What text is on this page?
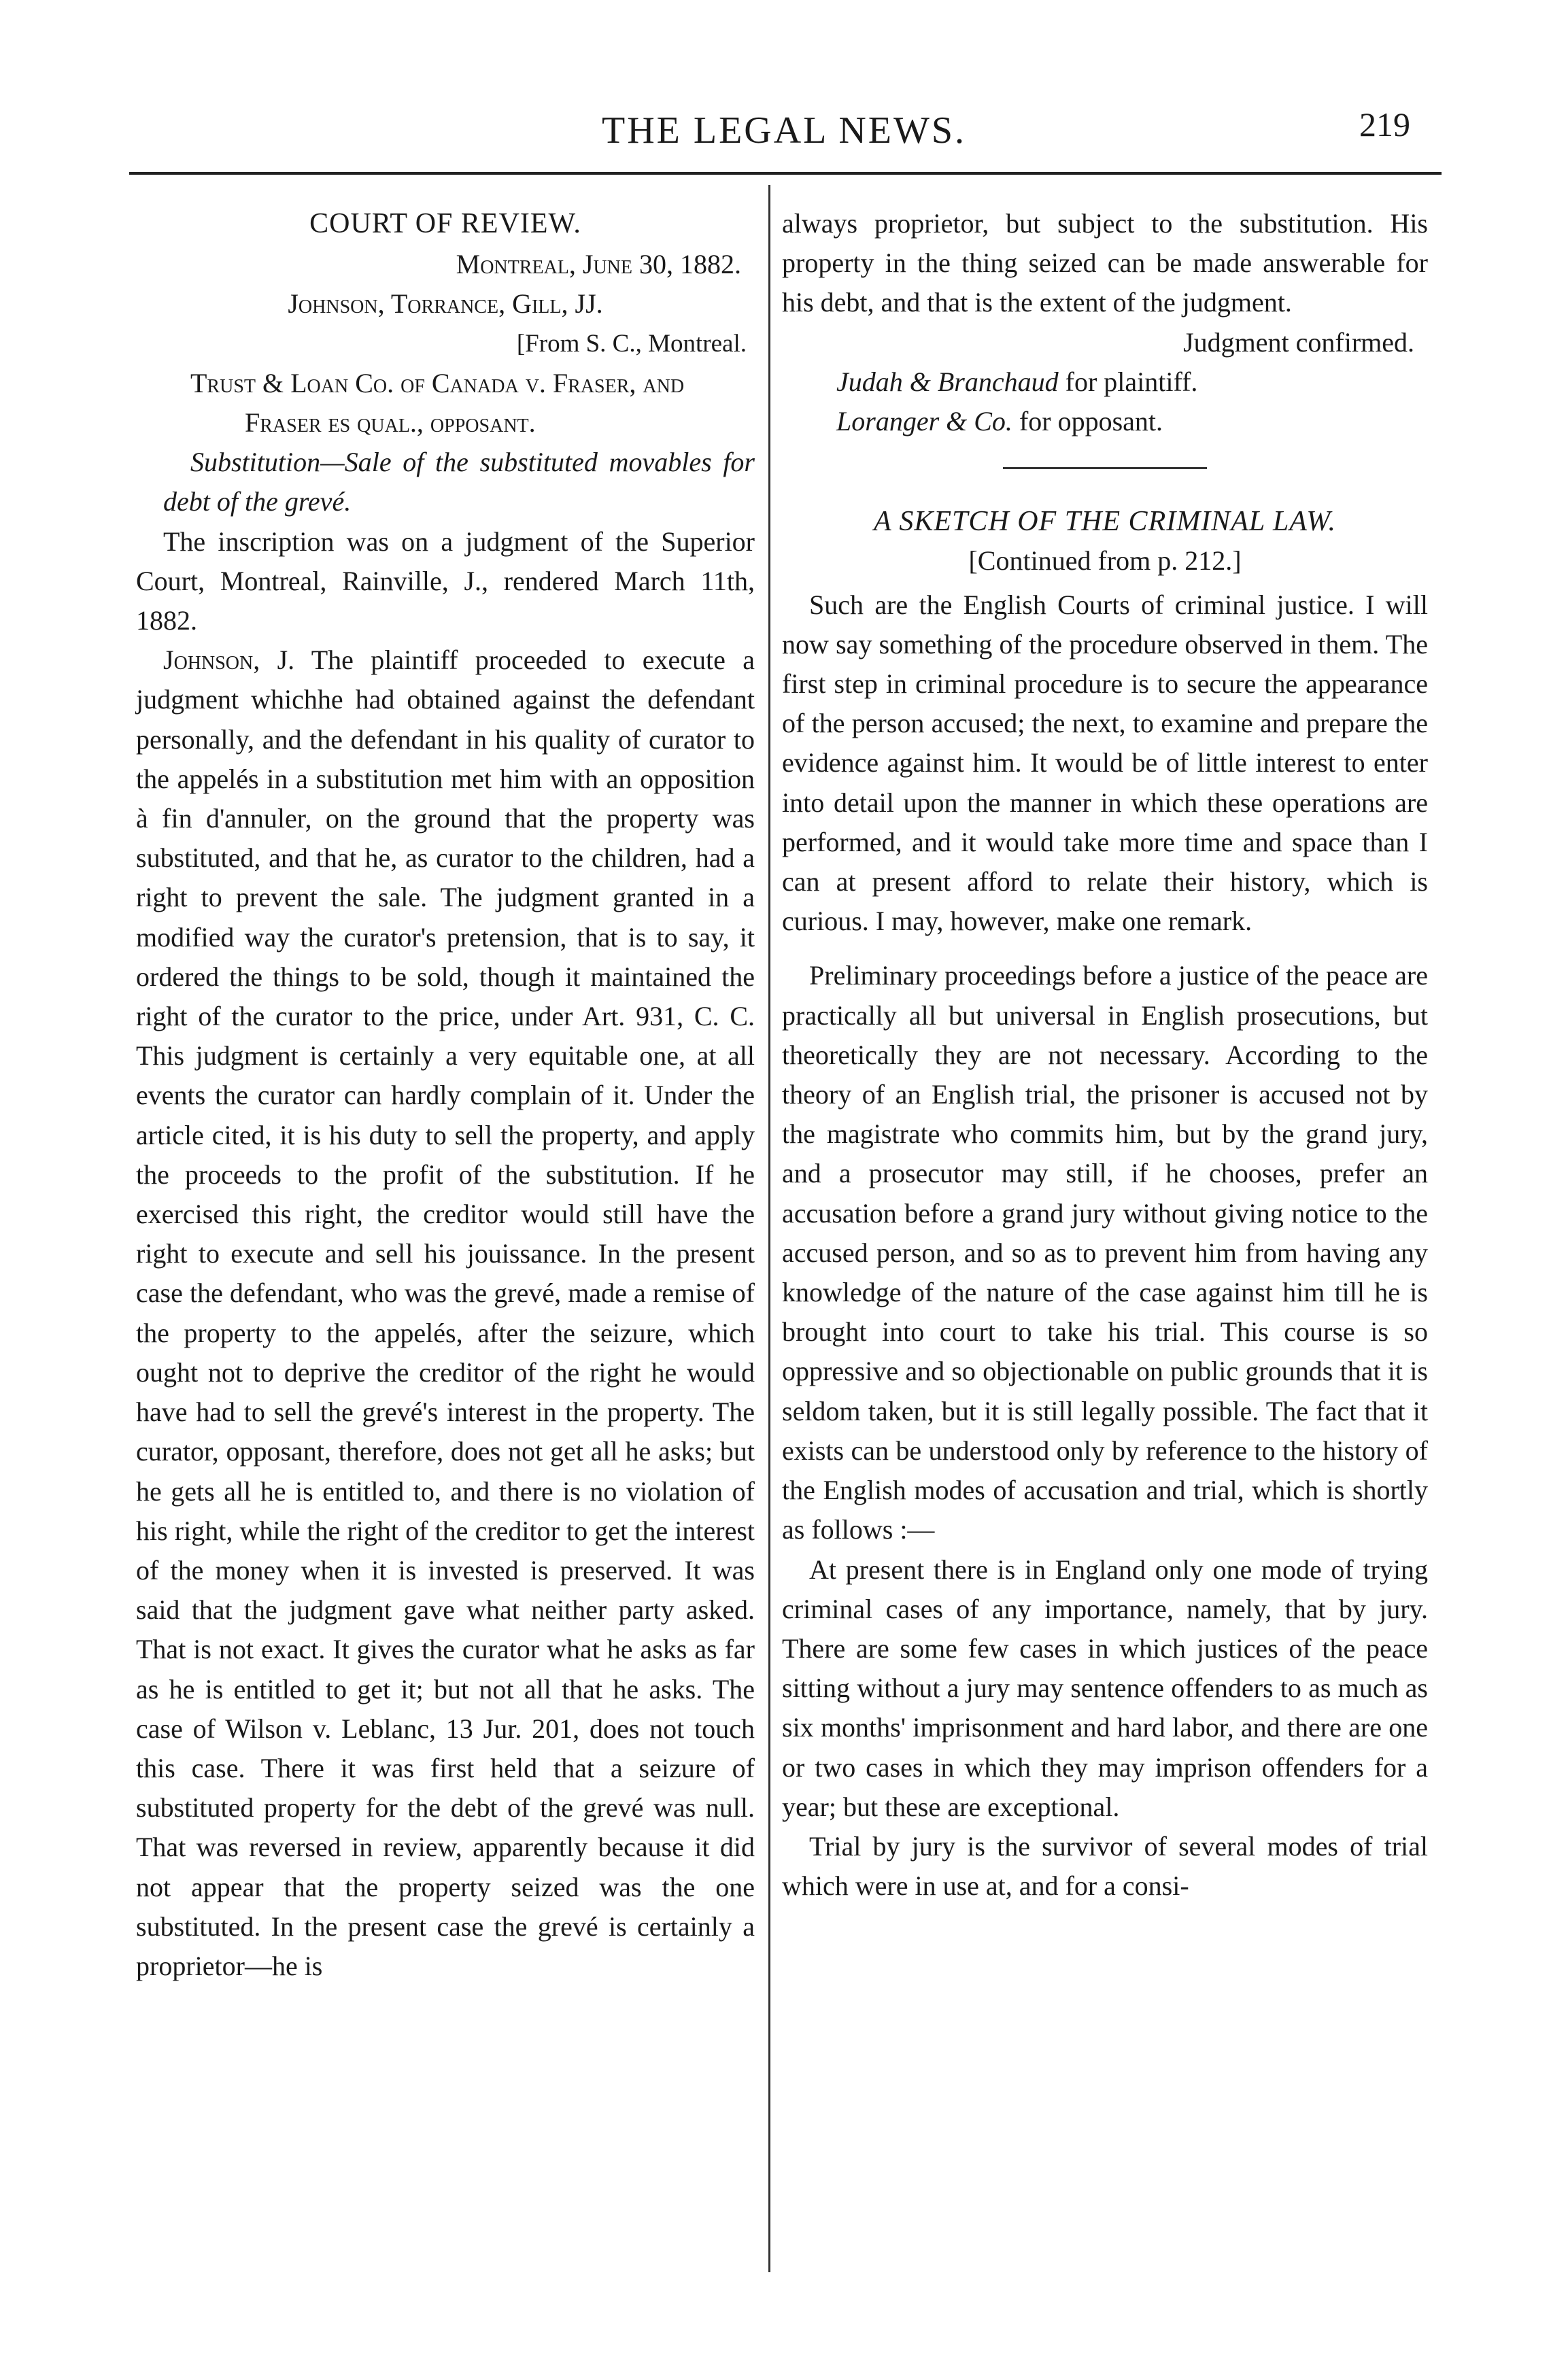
THE LEGAL NEWS.	219
COURT OF REVIEW.
Montreal, June 30, 1882.
Johnson, Torrance, Gill, JJ.
[From S. C., Montreal.

Trust & Loan Co. of Canada v. Fraser, and

Fraser es qual., opposant.

Substitution—Sale of the substituted movables for debt of the grevé.

The inscription was on a judgment of the Superior Court, Montreal, Rainville, J., rendered March 11th, 1882.

Johnson, J. The plaintiff proceeded to execute a judgment whichhe had obtained against the defendant personally, and the defendant in his quality of curator to the appelés in a substitution met him with an opposition à fin d'annuler, on the ground that the property was substituted, and that he, as curator to the children, had a right to prevent the sale. The judgment granted in a modified way the curator's pretension, that is to say, it ordered the things to be sold, though it maintained the right of the curator to the price, under Art. 931, C. C. This judgment is certainly a very equitable one, at all events the curator can hardly complain of it. Under the article cited, it is his duty to sell the property, and apply the proceeds to the profit of the substitution. If he exercised this right, the creditor would still have the right to execute and sell his jouissance. In the present case the defendant, who was the grevé, made a remise of the property to the appelés, after the seizure, which ought not to deprive the creditor of the right he would have had to sell the grevé's interest in the property. The curator, opposant, therefore, does not get all he asks; but he gets all he is entitled to, and there is no violation of his right, while the right of the creditor to get the interest of the money when it is invested is preserved. It was said that the judgment gave what neither party asked. That is not exact. It gives the curator what he asks as far as he is entitled to get it; but not all that he asks. The case of Wilson v. Leblanc, 13 Jur. 201, does not touch this case. There it was first held that a seizure of substituted property for the debt of the grevé was null. That was reversed in review, apparently because it did not appear that the property seized was the one substituted. In the present case the grevé is certainly a proprietor—he is

always proprietor, but subject to the substitution. His property in the thing seized can be made answerable for his debt, and that is the extent of the judgment.

Judgment confirmed.

Judah & Branchaud for plaintiff.

Loranger & Co. for opposant.

A SKETCH OF THE CRIMINAL LAW.
[Continued from p. 212.]

Such are the English Courts of criminal justice. I will now say something of the procedure observed in them. The first step in criminal procedure is to secure the appearance of the person accused; the next, to examine and prepare the evidence against him. It would be of little interest to enter into detail upon the manner in which these operations are performed, and it would take more time and space than I can at present afford to relate their history, which is curious. I may, however, make one remark.

Preliminary proceedings before a justice of the peace are practically all but universal in English prosecutions, but theoretically they are not necessary. According to the theory of an English trial, the prisoner is accused not by the magistrate who commits him, but by the grand jury, and a prosecutor may still, if he chooses, prefer an accusation before a grand jury without giving notice to the accused person, and so as to prevent him from having any knowledge of the nature of the case against him till he is brought into court to take his trial. This course is so oppressive and so objectionable on public grounds that it is seldom taken, but it is still legally possible. The fact that it exists can be understood only by reference to the history of the English modes of accusation and trial, which is shortly as follows :—

At present there is in England only one mode of trying criminal cases of any importance, namely, that by jury. There are some few cases in which justices of the peace sitting without a jury may sentence offenders to as much as six months' imprisonment and hard labor, and there are one or two cases in which they may imprison offenders for a year; but these are exceptional.

Trial by jury is the survivor of several modes of trial which were in use at, and for a consi-
